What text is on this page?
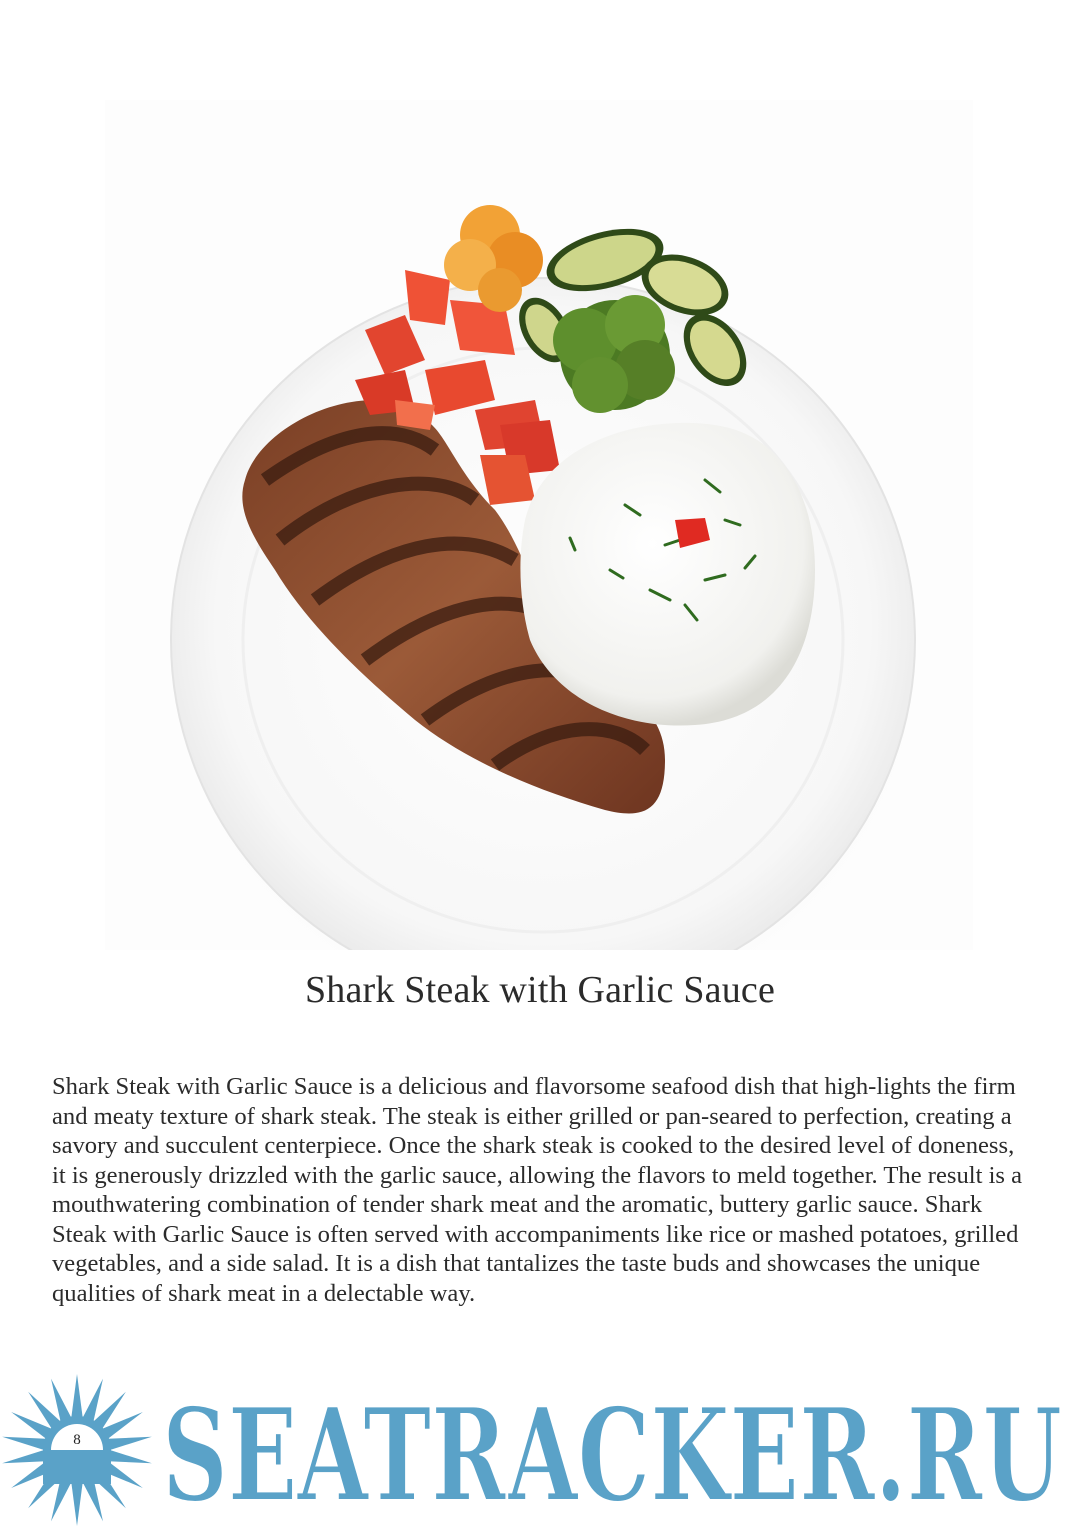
Shark Steak with Garlic Sauce

Shark Steak with Garlic Sauce is a delicious and flavorsome seafood dish that high-lights the firm and meaty texture of shark steak. The steak is either grilled or pan-seared to perfection, creating a savory and succulent centerpiece. Once the shark steak is cooked to the desired level of doneness, it is generously drizzled with the garlic sauce, allowing the flavors to meld together. The result is a mouthwatering combination of tender shark meat and the aromatic, buttery garlic sauce. Shark Steak with Garlic Sauce is often served with accompaniments like rice or mashed potatoes, grilled vegetables, and a side salad. It is a dish that tantalizes the taste buds and showcases the unique qualities of shark meat in a delectable way.

8 SEATRACKER.RU
